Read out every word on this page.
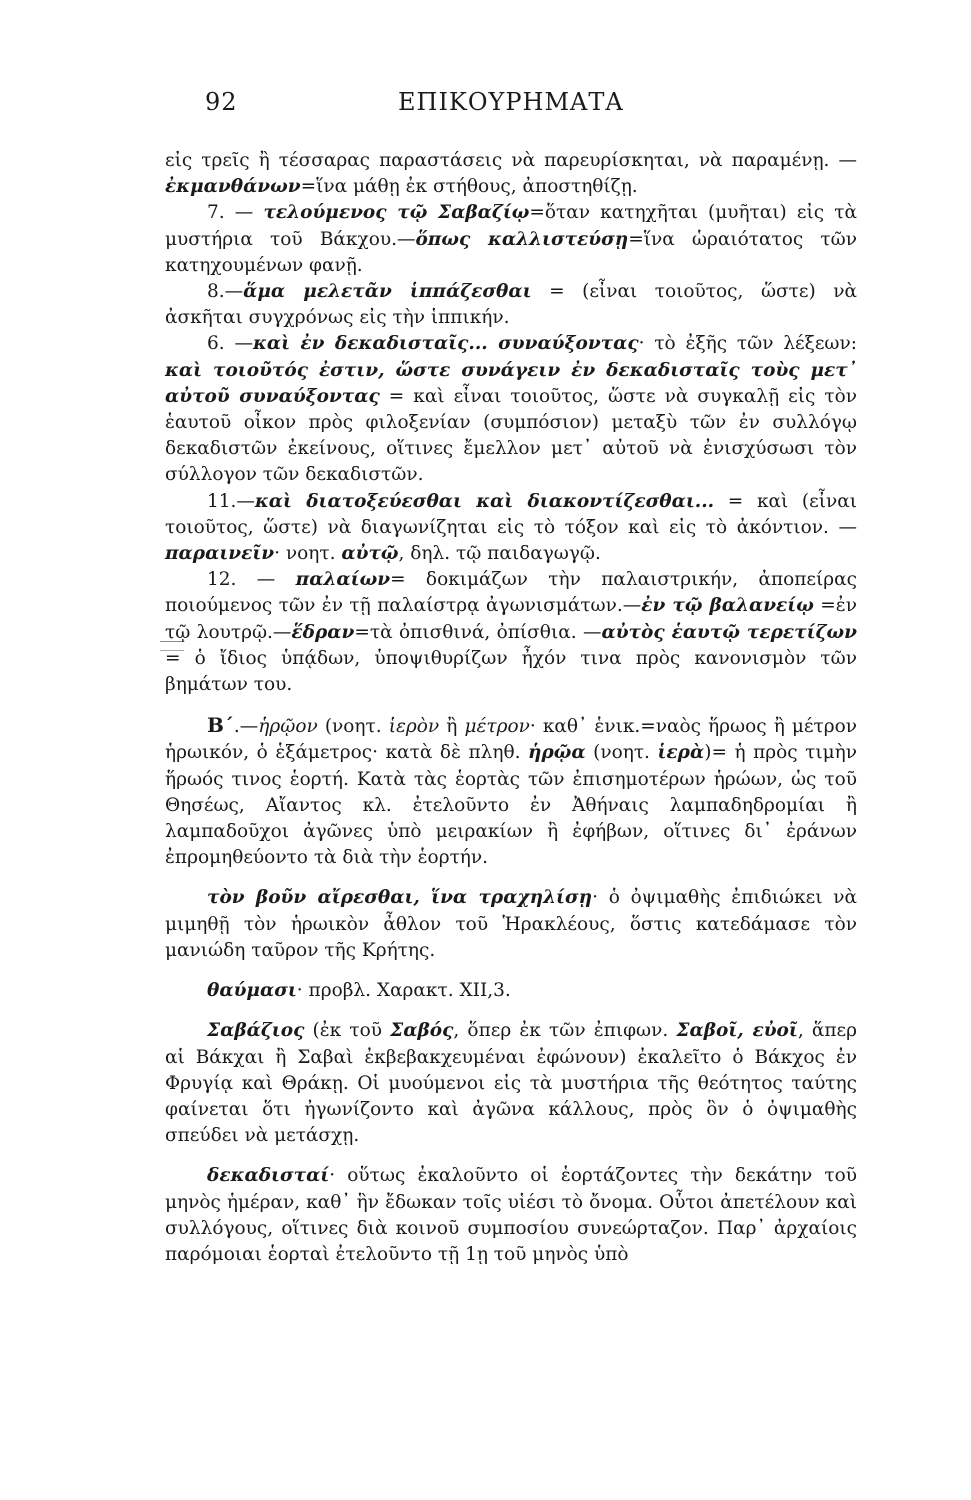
92	ΕΠΙΚΟΥΡΗΜΑΤΑ

εἰς τρεῖς ἢ τέσσαρας παραστάσεις νὰ παρευρίσκηται, νὰ παραμένῃ. —ἐκμανθάνων=ἵνα μάθῃ ἐκ στήθους, ἀποστηθίζῃ.

7. — τελούμενος τῷ Σαβαζίῳ=ὅταν κατηχῆται (μυῆται) εἰς τὰ μυστήρια τοῦ Βάκχου.—ὅπως καλλιστεύσῃ=ἵνα ὡραιότατος τῶν κατηχουμένων φανῇ.

8.—ἅμα μελετᾶν ἱππάζεσθαι = (εἶναι τοιοῦτος, ὥστε) νὰ ἀσκῆται συγχρόνως εἰς τὴν ἱππικήν.

6. —καὶ ἐν δεκαδισταῖς... συναύξοντας· τὸ ἐξῆς τῶν λέξεων: καὶ τοιοῦτός ἐστιν, ὥστε συνάγειν ἐν δεκαδισταῖς τοὺς μετ᾽ αὐτοῦ συναύξοντας = καὶ εἶναι τοιοῦτος, ὥστε νὰ συγκαλῇ εἰς τὸν ἑαυτοῦ οἶκον πρὸς φιλοξενίαν (συμπόσιον) μεταξὺ τῶν ἐν συλλόγῳ δεκαδιστῶν ἐκείνους, οἵτινες ἔμελλον μετ᾽ αὐτοῦ νὰ ἐνισχύσωσι τὸν σύλλογον τῶν δεκαδιστῶν.

11.—καὶ διατοξεύεσθαι καὶ διακοντίζεσθαι... = καὶ (εἶναι τοιοῦτος, ὥστε) νὰ διαγωνίζηται εἰς τὸ τόξον καὶ εἰς τὸ ἀκόντιον. —παραινεῖν· νοητ. αὐτῷ, δηλ. τῷ παιδαγωγῷ.

12. — παλαίων= δοκιμάζων τὴν παλαιστρικήν, ἀποπείρας ποιούμενος τῶν ἐν τῇ παλαίστρᾳ ἀγωνισμάτων.—ἐν τῷ βαλανείῳ =ἐν τῷ λουτρῷ.—ἕδραν=τὰ ὀπισθινά, ὀπίσθια. —αὐτὸς ἑαυτῷ τερετίζων = ὁ ἴδιος ὑπᾴδων, ὑποψιθυρίζων ἦχόν τινα πρὸς κανονισμὸν τῶν βημάτων του.

Β΄.—ἡρῷον (νοητ. ἱερὸν ἢ μέτρον· καθ᾽ ἑνικ.=ναὸς ἥρωος ἢ μέτρον ἡρωικόν, ὁ ἑξάμετρος· κατὰ δὲ πληθ. ἡρῷα (νοητ. ἱερὰ)= ἡ πρὸς τιμὴν ἥρωός τινος ἑορτή. Κατὰ τὰς ἑορτὰς τῶν ἐπισημοτέρων ἡρώων, ὡς τοῦ Θησέως, Αἴαντος κλ. ἐτελοῦντο ἐν Ἀθήναις λαμπαδηδρομίαι ἢ λαμπαδοῦχοι ἀγῶνες ὑπὸ μειρακίων ἢ ἐφήβων, οἵτινες δι᾽ ἐράνων ἐπρομηθεύοντο τὰ διὰ τὴν ἑορτήν.

τὸν βοῦν αἴρεσθαι, ἵνα τραχηλίσῃ· ὁ ὀψιμαθὴς ἐπιδιώκει νὰ μιμηθῇ τὸν ἡρωικὸν ἆθλον τοῦ Ἡρακλέους, ὅστις κατεδάμασε τὸν μανιώδη ταῦρον τῆς Κρήτης.

θαύμασι· προβλ. Χαρακτ. XII,3.

Σαβάζιος (ἐκ τοῦ Σαβός, ὅπερ ἐκ τῶν ἐπιφων. Σαβοῖ, εὐοῖ, ἅπερ αἱ Βάκχαι ἢ Σαβαὶ ἐκβεβακχευμέναι ἐφώνουν) ἐκαλεῖτο ὁ Βάκχος ἐν Φρυγίᾳ καὶ Θράκῃ. Οἱ μυούμενοι εἰς τὰ μυστήρια τῆς θεότητος ταύτης φαίνεται ὅτι ἠγωνίζοντο καὶ ἀγῶνα κάλλους, πρὸς ὃν ὁ ὀψιμαθὴς σπεύδει νὰ μετάσχῃ.

δεκαδισταί· οὕτως ἐκαλοῦντο οἱ ἑορτάζοντες τὴν δεκάτην τοῦ μηνὸς ἡμέραν, καθ᾽ ἣν ἔδωκαν τοῖς υἱέσι τὸ ὄνομα. Οὗτοι ἀπετέλουν καὶ συλλόγους, οἵτινες διὰ κοινοῦ συμποσίου συνεώρταζον. Παρ᾽ ἀρχαίοις παρόμοιαι ἑορταὶ ἐτελοῦντο τῇ 1ῃ τοῦ μηνὸς ὑπὸ
